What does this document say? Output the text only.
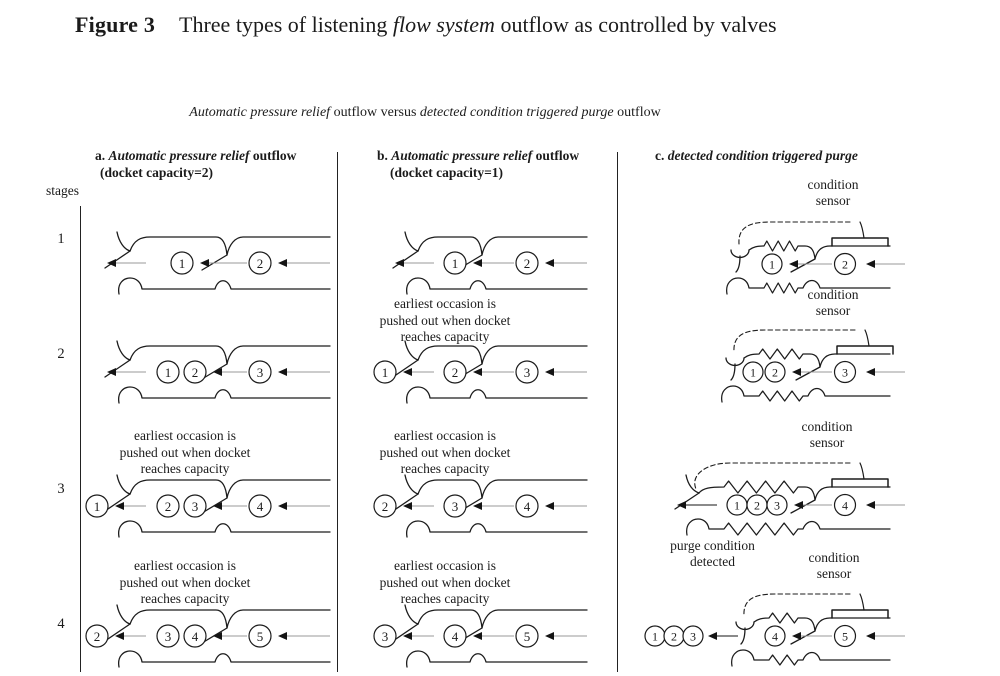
Figure 3 Three types of listening flow system outflow as controlled by valves
Automatic pressure relief outflow versus detected condition triggered purge outflow
a. Automatic pressure relief outflow
(docket capacity=2)
b. Automatic pressure relief outflow
(docket capacity=1)
c. detected condition triggered purge
stages
1
2
3
4
earliest occasion is
pushed out when docket
reaches capacity
earliest occasion is
pushed out when docket
reaches capacity
earliest occasion is
pushed out when docket
reaches capacity
earliest occasion is
pushed out when docket
reaches capacity
earliest occasion is
pushed out when docket
reaches capacity
condition
sensor
condition
sensor
condition
sensor
condition
sensor
purge condition
detected
1	2
1 2	3
1	2 3	4
2	3 4	5
1	2
1	2	3
2	3	4
3	4	5
1	2
1 2	3
1 2 3	4
1 2 3	4	5
